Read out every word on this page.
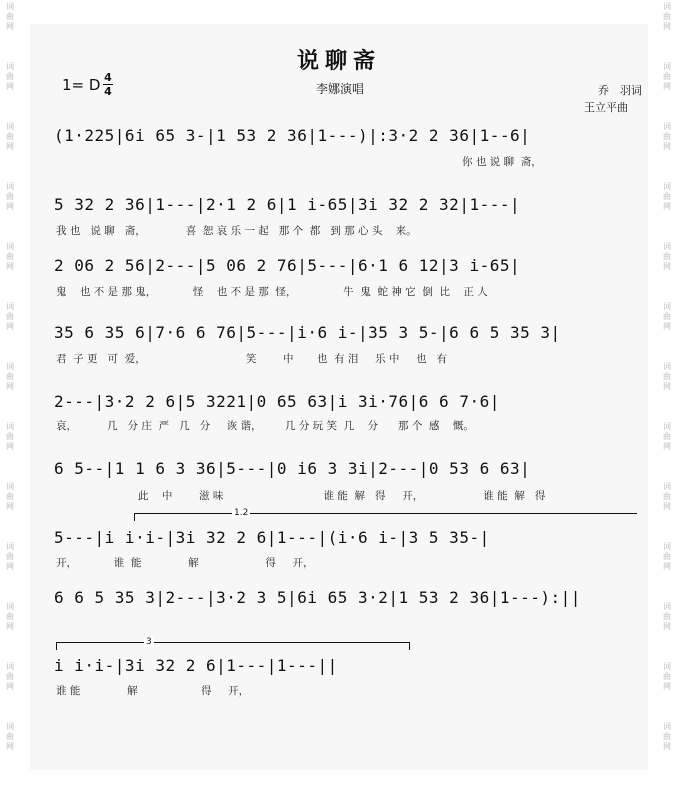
词
曲
网
词
曲
网
词
曲
网
词
曲
网
词
曲
网
词
曲
网
词
曲
网
词
曲
网
词
曲
网
词
曲
网
词
曲
网
词
曲
网
词
曲
网
词
曲
网
词
曲
网
词
曲
网
词
曲
网
词
曲
网
词
曲
网
词
曲
网
词
曲
网
词
曲
网
词
曲
网
词
曲
网
词
曲
网
词
曲
网
说聊斋
1= D 4
4	李娜演唱	乔　羽词
王立平曲
(1·225|6i 65 3-|1 53 2 36|1---)|:3·2 2 36|1--6|
你 也 说 聊  斋，
5 32 2 36|1---|2·1 2 6|1 i-65|3i 32 2 32|1---|
我 也   说 聊   斋，            喜  恕 哀 乐 一 起   那 个  都   到 那 心 头    来。
2 06 2 56|2---|5 06 2 76|5---|6·1 6 12|3 i-65|
鬼    也 不 是 那 鬼，           怪    也 不 是 那  怪，              牛  鬼  蛇 神 它  倒  比    正 人
35 6 35 6|7·6 6 76|5---|i·6 i-|35 3 5-|6 6 5 35 3|
君  子 更   可  爱，                              笑        中       也  有 泪     乐 中     也   有
2---|3·2 2 6|5 3221|0 65 63|i 3i·76|6 6 7·6|
哀，         几   分 庄  严   几   分     诙 谐，       几 分 玩 笑  几    分      那 个  感    慨。
6 5--|1 1 6 3 36|5---|0 i6 3 3i|2---|0 53 6 63|
此    中        滋 味                              谁 能  解   得     开，                  谁 能  解   得
1.2
5---|i i·i-|3i 32 2 6|1---|(i·6 i-|3 5 35-|
开，           谁  能              解                    得     开，
6 6 5 35 3|2---|3·2 3 5|6i 65 3·2|1 53 2 36|1---):||
3
i i·i-|3i 32 2 6|1---|1---||
谁 能              解                   得     开，
